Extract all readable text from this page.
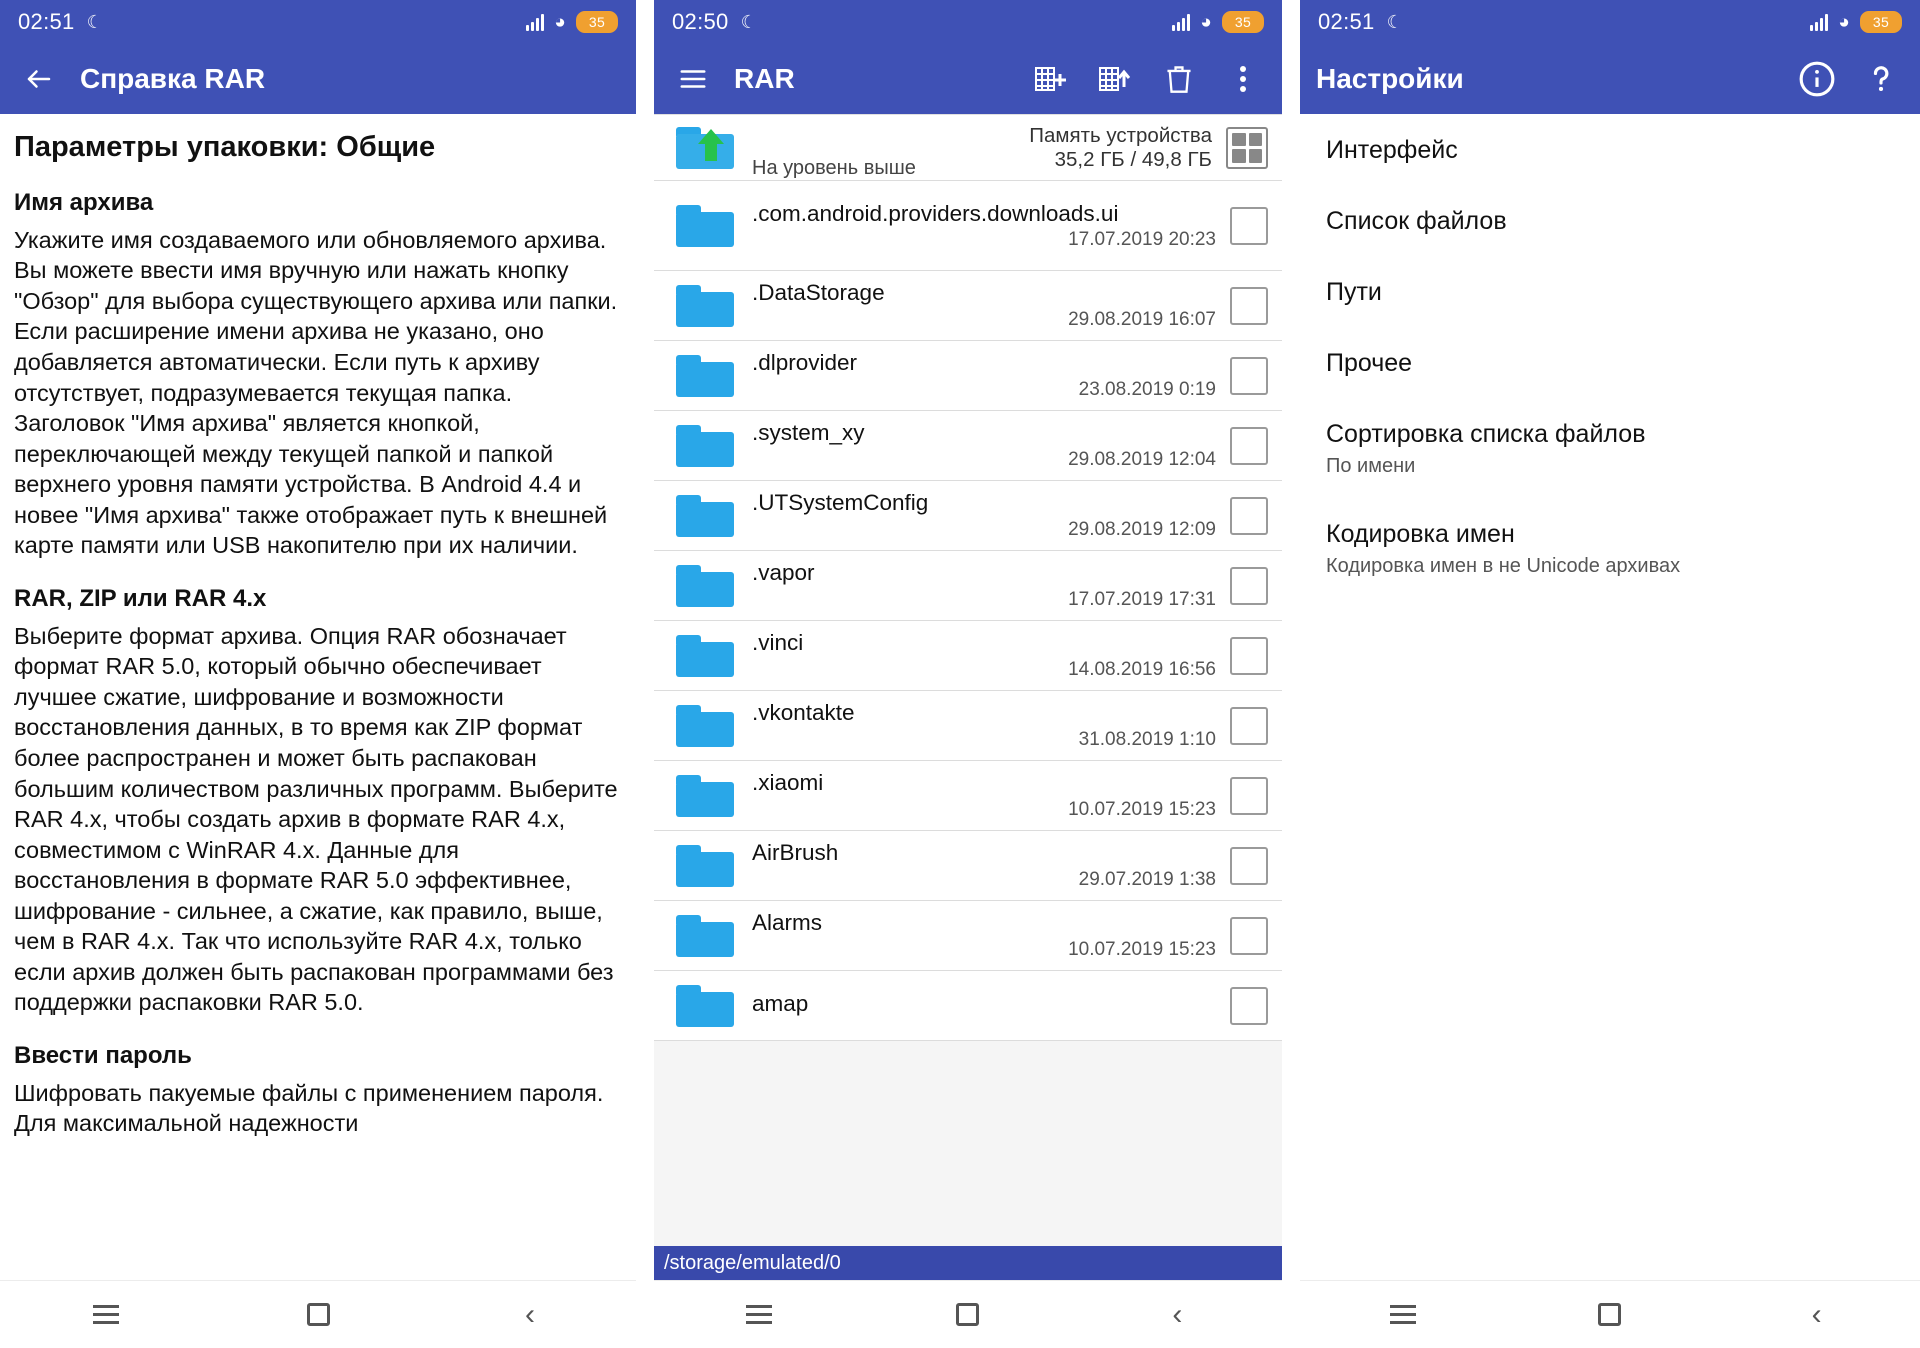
02:51 ☾	◕	35
Справка RAR
Параметры упаковки: Общие
Имя архива

Укажите имя создаваемого или обновляемого архива. Вы можете ввести имя вручную или нажать кнопку "Обзор" для выбора существующего архива или папки. Если расширение имени архива не указано, оно добавляется автоматически. Если путь к архиву отсутствует, подразумевается текущая папка. Заголовок "Имя архива" является кнопкой, переключающей между текущей папкой и папкой верхнего уровня памяти устройства. В Android 4.4 и новее "Имя архива" также отображает путь к внешней карте памяти или USB накопителю при их наличии.

RAR, ZIP или RAR 4.x

Выберите формат архива. Опция RAR обозначает формат RAR 5.0, который обычно обеспечивает лучшее сжатие, шифрование и возможности восстановления данных, в то время как ZIP формат более распространен и может быть распакован большим количеством различных программ. Выберите RAR 4.x, чтобы создать архив в формате RAR 4.x, совместимом с WinRAR 4.x. Данные для восстановления в формате RAR 5.0 эффективнее, шифрование - сильнее, а сжатие, как правило, выше, чем в RAR 4.x. Так что используйте RAR 4.x, только если архив должен быть распакован программами без поддержки распаковки RAR 5.0.

Ввести пароль

Шифровать пакуемые файлы с применением пароля. Для максимальной надежности

‹
02:50 ☾	◕	35
RAR
На уровень выше
Память устройства
35,2 ГБ / 49,8 ГБ
.com.android.providers.downloads.ui
17.07.2019 20:23
.DataStorage
29.08.2019 16:07
.dlprovider
23.08.2019 0:19
.system_xy
29.08.2019 12:04
.UTSystemConfig
29.08.2019 12:09
.vapor
17.07.2019 17:31
.vinci
14.08.2019 16:56
.vkontakte
31.08.2019 1:10
.xiaomi
10.07.2019 15:23
AirBrush
29.07.2019 1:38
Alarms
10.07.2019 15:23
amap
/storage/emulated/0
‹
02:51 ☾	◕	35
Настройки
Интерфейс
Список файлов
Пути
Прочее
Сортировка списка файлов
По имени
Кодировка имен
Кодировка имен в не Unicode архивах
‹
